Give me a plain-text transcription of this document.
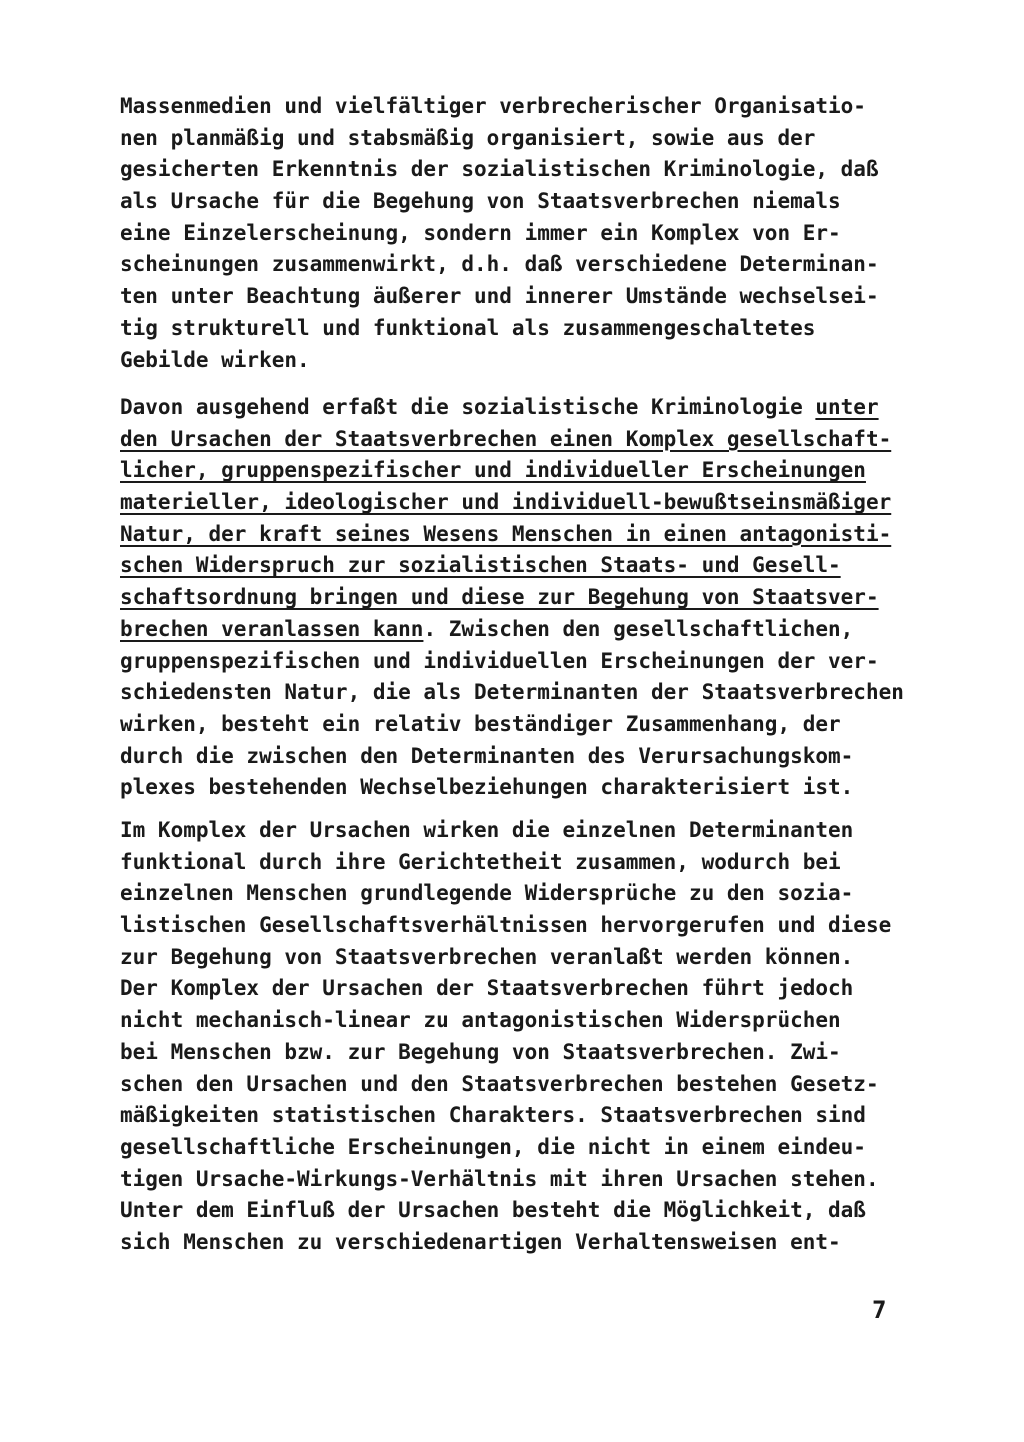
Massenmedien und vielfältiger verbrecherischer Organisatio-
nen planmäßig und stabsmäßig organisiert, sowie aus der
gesicherten Erkenntnis der sozialistischen Kriminologie, daß
als Ursache für die Begehung von Staatsverbrechen niemals
eine Einzelerscheinung, sondern immer ein Komplex von Er-
scheinungen zusammenwirkt, d.h. daß verschiedene Determinan-
ten unter Beachtung äußerer und innerer Umstände wechselsei-
tig strukturell und funktional als zusammengeschaltetes
Gebilde wirken.
Davon ausgehend erfaßt die sozialistische Kriminologie unter
den Ursachen der Staatsverbrechen einen Komplex gesellschaft-
licher, gruppenspezifischer und individueller Erscheinungen
materieller, ideologischer und individuell-bewußtseinsmäßiger
Natur, der kraft seines Wesens Menschen in einen antagonisti-
schen Widerspruch zur sozialistischen Staats- und Gesell-
schaftsordnung bringen und diese zur Begehung von Staatsver-
brechen veranlassen kann. Zwischen den gesellschaftlichen,
gruppenspezifischen und individuellen Erscheinungen der ver-
schiedensten Natur, die als Determinanten der Staatsverbrechen
wirken, besteht ein relativ beständiger Zusammenhang, der
durch die zwischen den Determinanten des Verursachungskom-
plexes bestehenden Wechselbeziehungen charakterisiert ist.
Im Komplex der Ursachen wirken die einzelnen Determinanten
funktional durch ihre Gerichtetheit zusammen, wodurch bei
einzelnen Menschen grundlegende Widersprüche zu den sozia-
listischen Gesellschaftsverhältnissen hervorgerufen und diese
zur Begehung von Staatsverbrechen veranlaßt werden können.
Der Komplex der Ursachen der Staatsverbrechen führt jedoch
nicht mechanisch-linear zu antagonistischen Widersprüchen
bei Menschen bzw. zur Begehung von Staatsverbrechen. Zwi-
schen den Ursachen und den Staatsverbrechen bestehen Gesetz-
mäßigkeiten statistischen Charakters. Staatsverbrechen sind
gesellschaftliche Erscheinungen, die nicht in einem eindeu-
tigen Ursache-Wirkungs-Verhältnis mit ihren Ursachen stehen.
Unter dem Einfluß der Ursachen besteht die Möglichkeit, daß
sich Menschen zu verschiedenartigen Verhaltensweisen ent-
7
